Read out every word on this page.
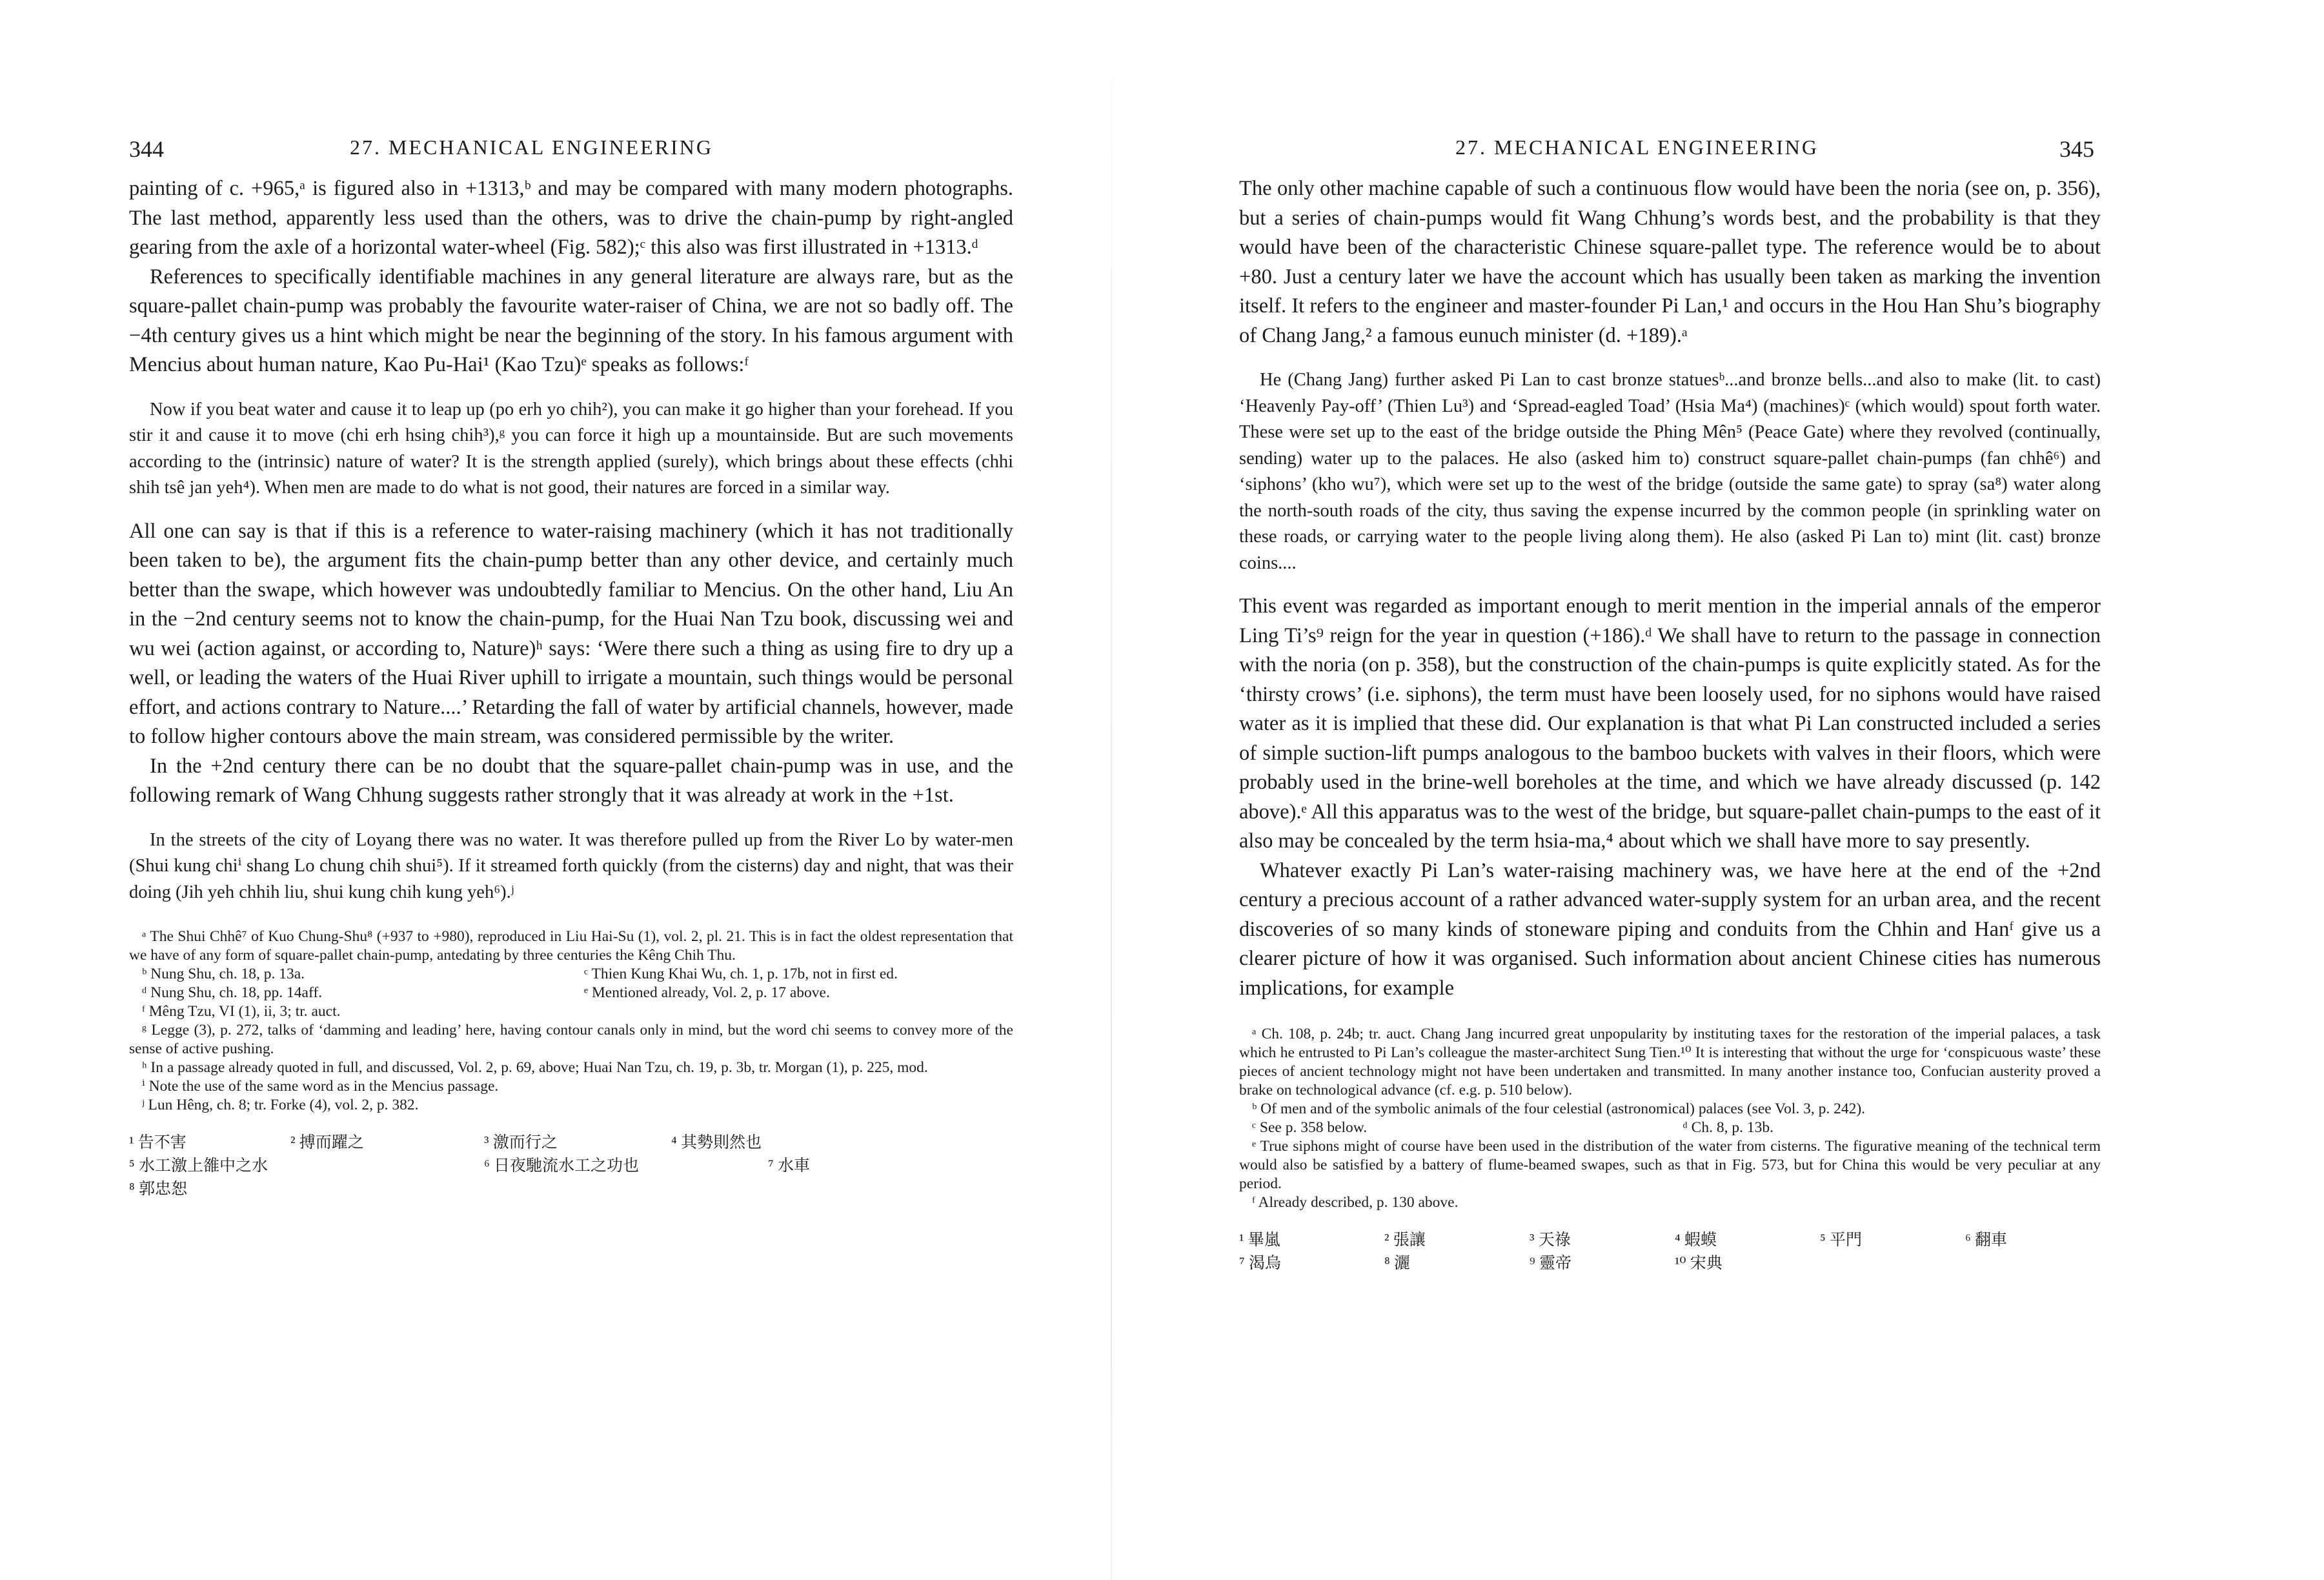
344	27. MECHANICAL ENGINEERING

painting of c. +965,ᵃ is figured also in +1313,ᵇ and may be compared with many modern photographs. The last method, apparently less used than the others, was to drive the chain-pump by right-angled gearing from the axle of a horizontal water-wheel (Fig. 582);ᶜ this also was first illustrated in +1313.ᵈ

References to specifically identifiable machines in any general literature are always rare, but as the square-pallet chain-pump was probably the favourite water-raiser of China, we are not so badly off. The −4th century gives us a hint which might be near the beginning of the story. In his famous argument with Mencius about human nature, Kao Pu-Hai¹ (Kao Tzu)ᵉ speaks as follows:ᶠ

Now if you beat water and cause it to leap up (po erh yo chih²), you can make it go higher than your forehead. If you stir it and cause it to move (chi erh hsing chih³),ᵍ you can force it high up a mountainside. But are such movements according to the (intrinsic) nature of water? It is the strength applied (surely), which brings about these effects (chhi shih tsê jan yeh⁴). When men are made to do what is not good, their natures are forced in a similar way.

All one can say is that if this is a reference to water-raising machinery (which it has not traditionally been taken to be), the argument fits the chain-pump better than any other device, and certainly much better than the swape, which however was undoubtedly familiar to Mencius. On the other hand, Liu An in the −2nd century seems not to know the chain-pump, for the Huai Nan Tzu book, discussing wei and wu wei (action against, or according to, Nature)ʰ says: ‘Were there such a thing as using fire to dry up a well, or leading the waters of the Huai River uphill to irrigate a mountain, such things would be personal effort, and actions contrary to Nature....’ Retarding the fall of water by artificial channels, however, made to follow higher contours above the main stream, was considered permissible by the writer.

In the +2nd century there can be no doubt that the square-pallet chain-pump was in use, and the following remark of Wang Chhung suggests rather strongly that it was already at work in the +1st.

In the streets of the city of Loyang there was no water. It was therefore pulled up from the River Lo by water-men (Shui kung chiⁱ shang Lo chung chih shui⁵). If it streamed forth quickly (from the cisterns) day and night, that was their doing (Jih yeh chhih liu, shui kung chih kung yeh⁶).ʲ

ᵃ The Shui Chhê⁷ of Kuo Chung-Shu⁸ (+937 to +980), reproduced in Liu Hai-Su (1), vol. 2, pl. 21. This is in fact the oldest representation that we have of any form of square-pallet chain-pump, antedating by three centuries the Kêng Chih Thu.

ᵇ Nung Shu, ch. 18, p. 13a.	ᶜ Thien Kung Khai Wu, ch. 1, p. 17b, not in first ed.
ᵈ Nung Shu, ch. 18, pp. 14aff.	ᵉ Mentioned already, Vol. 2, p. 17 above.

ᶠ Mêng Tzu, VI (1), ii, 3; tr. auct.

ᵍ Legge (3), p. 272, talks of ‘damming and leading’ here, having contour canals only in mind, but the word chi seems to convey more of the sense of active pushing.

ʰ In a passage already quoted in full, and discussed, Vol. 2, p. 69, above; Huai Nan Tzu, ch. 19, p. 3b, tr. Morgan (1), p. 225, mod.

ⁱ Note the use of the same word as in the Mencius passage.

ʲ Lun Hêng, ch. 8; tr. Forke (4), vol. 2, p. 382.

¹ 告不害	² 搏而躍之	³ 激而行之	⁴ 其勢則然也
⁵ 水工激上雒中之水	⁶ 日夜馳流水工之功也	⁷ 水車
⁸ 郭忠恕
27. MECHANICAL ENGINEERING	345

The only other machine capable of such a continuous flow would have been the noria (see on, p. 356), but a series of chain-pumps would fit Wang Chhung’s words best, and the probability is that they would have been of the characteristic Chinese square-pallet type. The reference would be to about +80. Just a century later we have the account which has usually been taken as marking the invention itself. It refers to the engineer and master-founder Pi Lan,¹ and occurs in the Hou Han Shu’s biography of Chang Jang,² a famous eunuch minister (d. +189).ᵃ

He (Chang Jang) further asked Pi Lan to cast bronze statuesᵇ...and bronze bells...and also to make (lit. to cast) ‘Heavenly Pay-off’ (Thien Lu³) and ‘Spread-eagled Toad’ (Hsia Ma⁴) (machines)ᶜ (which would) spout forth water. These were set up to the east of the bridge outside the Phing Mên⁵ (Peace Gate) where they revolved (continually, sending) water up to the palaces. He also (asked him to) construct square-pallet chain-pumps (fan chhê⁶) and ‘siphons’ (kho wu⁷), which were set up to the west of the bridge (outside the same gate) to spray (sa⁸) water along the north-south roads of the city, thus saving the expense incurred by the common people (in sprinkling water on these roads, or carrying water to the people living along them). He also (asked Pi Lan to) mint (lit. cast) bronze coins....

This event was regarded as important enough to merit mention in the imperial annals of the emperor Ling Ti’s⁹ reign for the year in question (+186).ᵈ We shall have to return to the passage in connection with the noria (on p. 358), but the construction of the chain-pumps is quite explicitly stated. As for the ‘thirsty crows’ (i.e. siphons), the term must have been loosely used, for no siphons would have raised water as it is implied that these did. Our explanation is that what Pi Lan constructed included a series of simple suction-lift pumps analogous to the bamboo buckets with valves in their floors, which were probably used in the brine-well boreholes at the time, and which we have already discussed (p. 142 above).ᵉ All this apparatus was to the west of the bridge, but square-pallet chain-pumps to the east of it also may be concealed by the term hsia-ma,⁴ about which we shall have more to say presently.

Whatever exactly Pi Lan’s water-raising machinery was, we have here at the end of the +2nd century a precious account of a rather advanced water-supply system for an urban area, and the recent discoveries of so many kinds of stoneware piping and conduits from the Chhin and Hanᶠ give us a clearer picture of how it was organised. Such information about ancient Chinese cities has numerous implications, for example

ᵃ Ch. 108, p. 24b; tr. auct. Chang Jang incurred great unpopularity by instituting taxes for the restoration of the imperial palaces, a task which he entrusted to Pi Lan’s colleague the master-architect Sung Tien.¹⁰ It is interesting that without the urge for ‘conspicuous waste’ these pieces of ancient technology might not have been undertaken and transmitted. In many another instance too, Confucian austerity proved a brake on technological advance (cf. e.g. p. 510 below).

ᵇ Of men and of the symbolic animals of the four celestial (astronomical) palaces (see Vol. 3, p. 242).

ᶜ See p. 358 below.	ᵈ Ch. 8, p. 13b.

ᵉ True siphons might of course have been used in the distribution of the water from cisterns. The figurative meaning of the technical term would also be satisfied by a battery of flume-beamed swapes, such as that in Fig. 573, but for China this would be very peculiar at any period.

ᶠ Already described, p. 130 above.

¹ 畢嵐	² 張讓	³ 天祿	⁴ 蝦蟆	⁵ 平門	⁶ 翻車
⁷ 渴烏	⁸ 灑	⁹ 靈帝	¹⁰ 宋典
